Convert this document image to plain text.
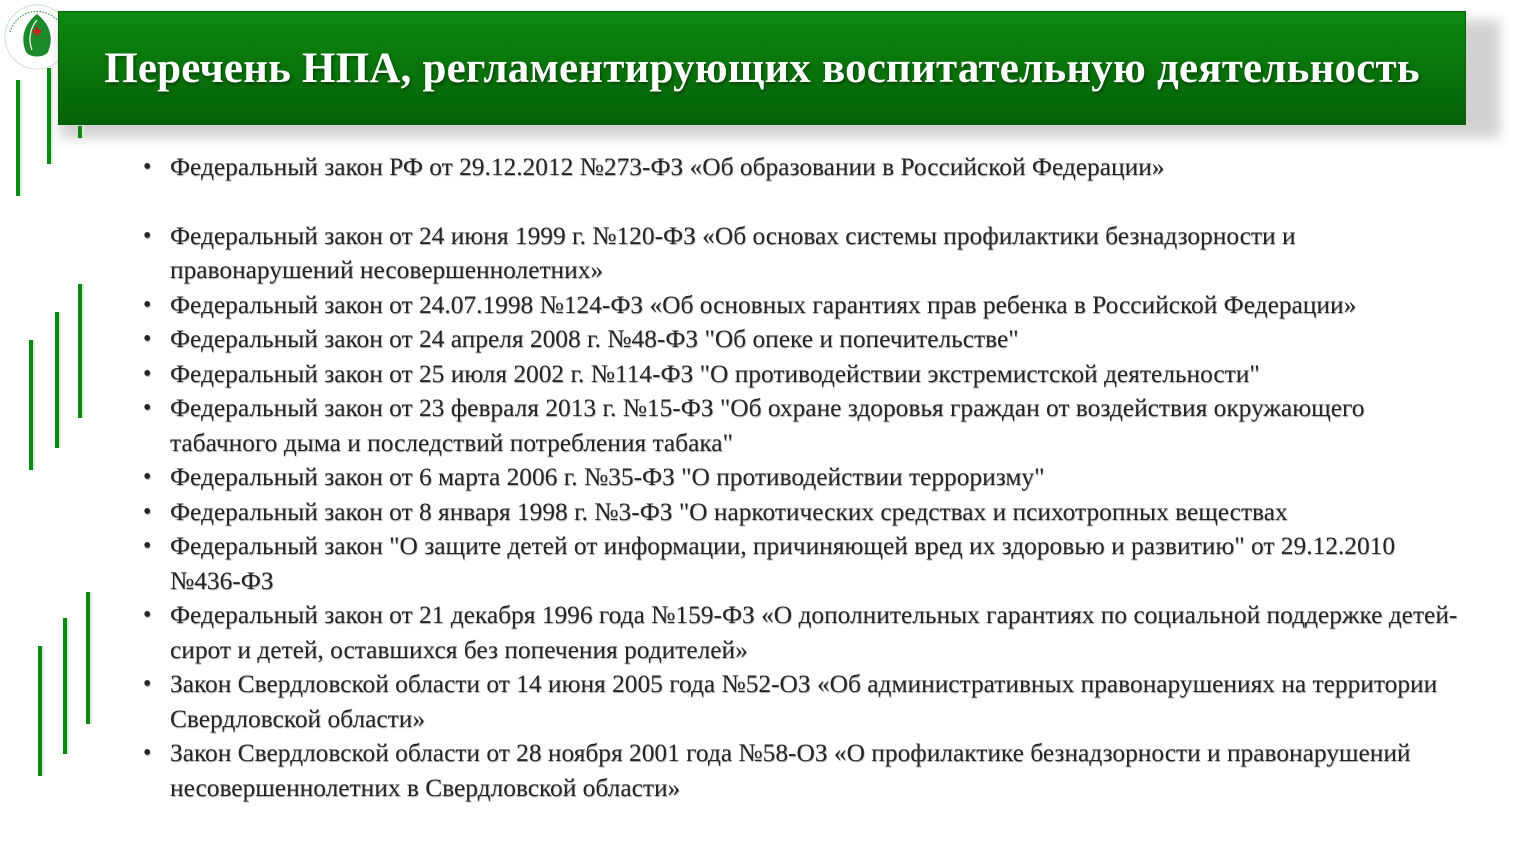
Перечень НПА, регламентирующих воспитательную деятельность
• Федеральный закон РФ от 29.12.2012 №273-ФЗ «Об образовании в Российской Федерации»
• Федеральный закон от 24 июня 1999 г. №120-ФЗ «Об основах системы профилактики безнадзорности и правонарушений несовершеннолетних»
• Федеральный закон от 24.07.1998 №124-ФЗ «Об основных гарантиях прав ребенка в Российской Федерации»
• Федеральный закон от 24 апреля 2008 г. №48-ФЗ "Об опеке и попечительстве"
• Федеральный закон от 25 июля 2002 г. №114-ФЗ "О противодействии экстремистской деятельности"
• Федеральный закон от 23 февраля 2013 г. №15-ФЗ "Об охране здоровья граждан от воздействия окружающего табачного дыма и последствий потребления табака"
• Федеральный закон от 6 марта 2006 г. №35-ФЗ "О противодействии терроризму"
• Федеральный закон от 8 января 1998 г. №3-ФЗ "О наркотических средствах и психотропных веществах
• Федеральный закон "О защите детей от информации, причиняющей вред их здоровью и развитию" от 29.12.2010 №436-ФЗ
• Федеральный закон от 21 декабря 1996 года №159-ФЗ «О дополнительных гарантиях по социальной поддержке детей-сирот и детей, оставшихся без попечения родителей»
• Закон Свердловской области от 14 июня 2005 года №52-ОЗ «Об административных правонарушениях на территории Свердловской области»
• Закон Свердловской области от 28 ноября 2001 года №58-ОЗ «О профилактике безнадзорности и правонарушений несовершеннолетних в Свердловской области»
